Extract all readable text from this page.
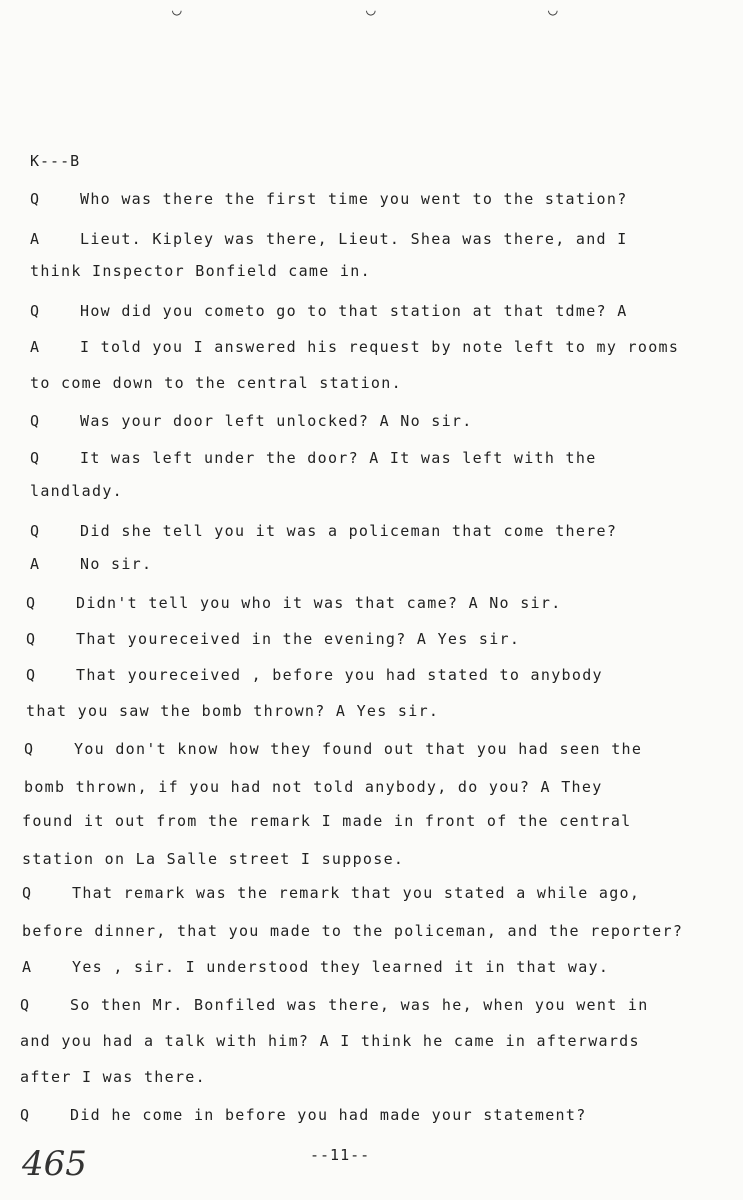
◡	◡	◡
K---B
Q	Who was there the first time you went to the station?
A	Lieut. Kipley was there, Lieut. Shea was there, and I
think Inspector Bonfield came in.
Q	How did you cometo go to that station at that tdme? A
A	I told you I answered his request by note left to my rooms
to come down to the central station.
Q	Was your door left unlocked? A No sir.
Q	It was left under the door? A It was left with the
landlady.
Q	Did she tell you it was a policeman that come there?
A	No sir.
Q	Didn't tell you who it was that came? A No sir.
Q	That youreceived in the evening? A Yes sir.
Q	That youreceived , before you had stated to anybody
that you saw the bomb thrown? A Yes sir.
Q	You don't know how they found out that you had seen the
bomb thrown, if you had not told anybody, do you? A They
found it out from the remark I made in front of the central
station on La Salle street I suppose.
Q	That remark was the remark that you stated a while ago,
before dinner, that you made to the policeman, and the reporter?
A	Yes , sir. I understood they learned it in that way.
Q	So then Mr. Bonfiled was there, was he, when you went in
and you had a talk with him? A I think he came in afterwards
after I was there.
Q	Did he come in before you had made your statement?
--11--
465
